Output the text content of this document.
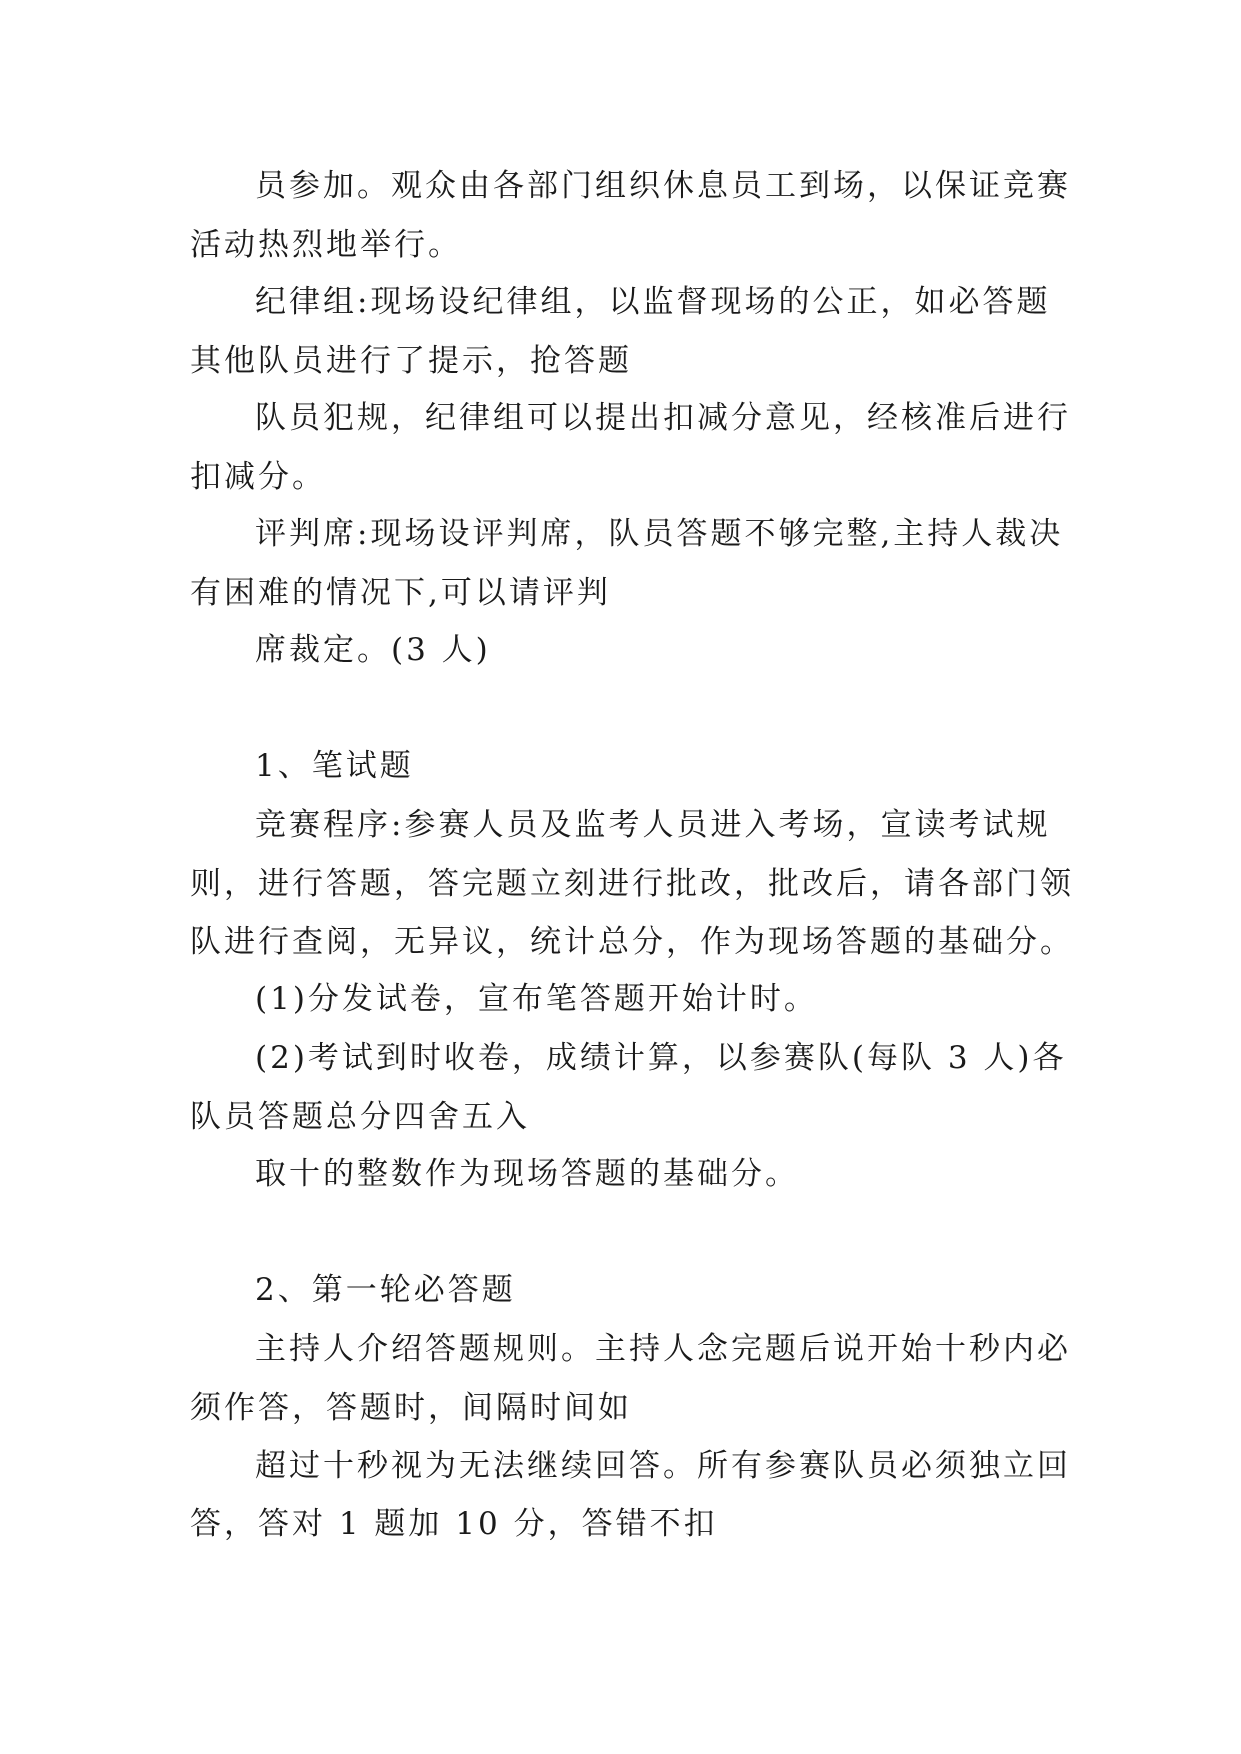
员参加。观众由各部门组织休息员工到场，以保证竞赛
活动热烈地举行。
纪律组:现场设纪律组，以监督现场的公正，如必答题
其他队员进行了提示，抢答题
队员犯规，纪律组可以提出扣减分意见，经核准后进行
扣减分。
评判席:现场设评判席，队员答题不够完整,主持人裁决
有困难的情况下,可以请评判
席裁定。(3 人)
1、笔试题
竞赛程序:参赛人员及监考人员进入考场，宣读考试规
则，进行答题，答完题立刻进行批改，批改后，请各部门领
队进行查阅，无异议，统计总分，作为现场答题的基础分。
(1)分发试卷，宣布笔答题开始计时。
(2)考试到时收卷，成绩计算，以参赛队(每队 3 人)各
队员答题总分四舍五入
取十的整数作为现场答题的基础分。
2、第一轮必答题
主持人介绍答题规则。主持人念完题后说开始十秒内必
须作答，答题时，间隔时间如
超过十秒视为无法继续回答。所有参赛队员必须独立回
答，答对 1 题加 10 分，答错不扣
